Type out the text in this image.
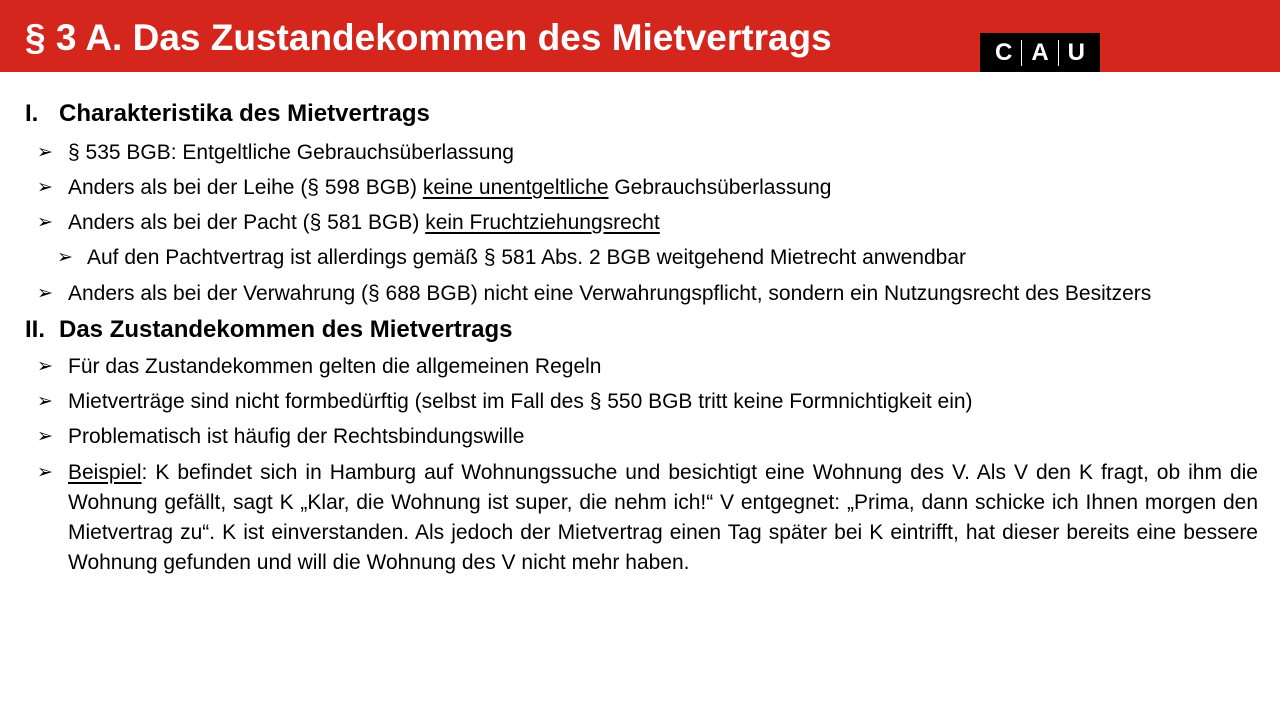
§ 3 A. Das Zustandekommen des Mietvertrags	C A U
I. Charakteristika des Mietvertrags
➢ § 535 BGB: Entgeltliche Gebrauchsüberlassung
➢ Anders als bei der Leihe (§ 598 BGB) keine unentgeltliche Gebrauchsüberlassung
➢ Anders als bei der Pacht (§ 581 BGB) kein Fruchtziehungsrecht
➢ Auf den Pachtvertrag ist allerdings gemäß § 581 Abs. 2 BGB weitgehend Mietrecht anwendbar
➢ Anders als bei der Verwahrung (§ 688 BGB) nicht eine Verwahrungspflicht, sondern ein Nutzungsrecht des Besitzers
II. Das Zustandekommen des Mietvertrags
➢ Für das Zustandekommen gelten die allgemeinen Regeln
➢ Mietverträge sind nicht formbedürftig (selbst im Fall des § 550 BGB tritt keine Formnichtigkeit ein)
➢ Problematisch ist häufig der Rechtsbindungswille
➢ Beispiel: K befindet sich in Hamburg auf Wohnungssuche und besichtigt eine Wohnung des V. Als V den K fragt, ob ihm die Wohnung gefällt, sagt K „Klar, die Wohnung ist super, die nehm ich!“ V entgegnet: „Prima, dann schicke ich Ihnen morgen den Mietvertrag zu“. K ist einverstanden. Als jedoch der Mietvertrag einen Tag später bei K eintrifft, hat dieser bereits eine bessere Wohnung gefunden und will die Wohnung des V nicht mehr haben.
